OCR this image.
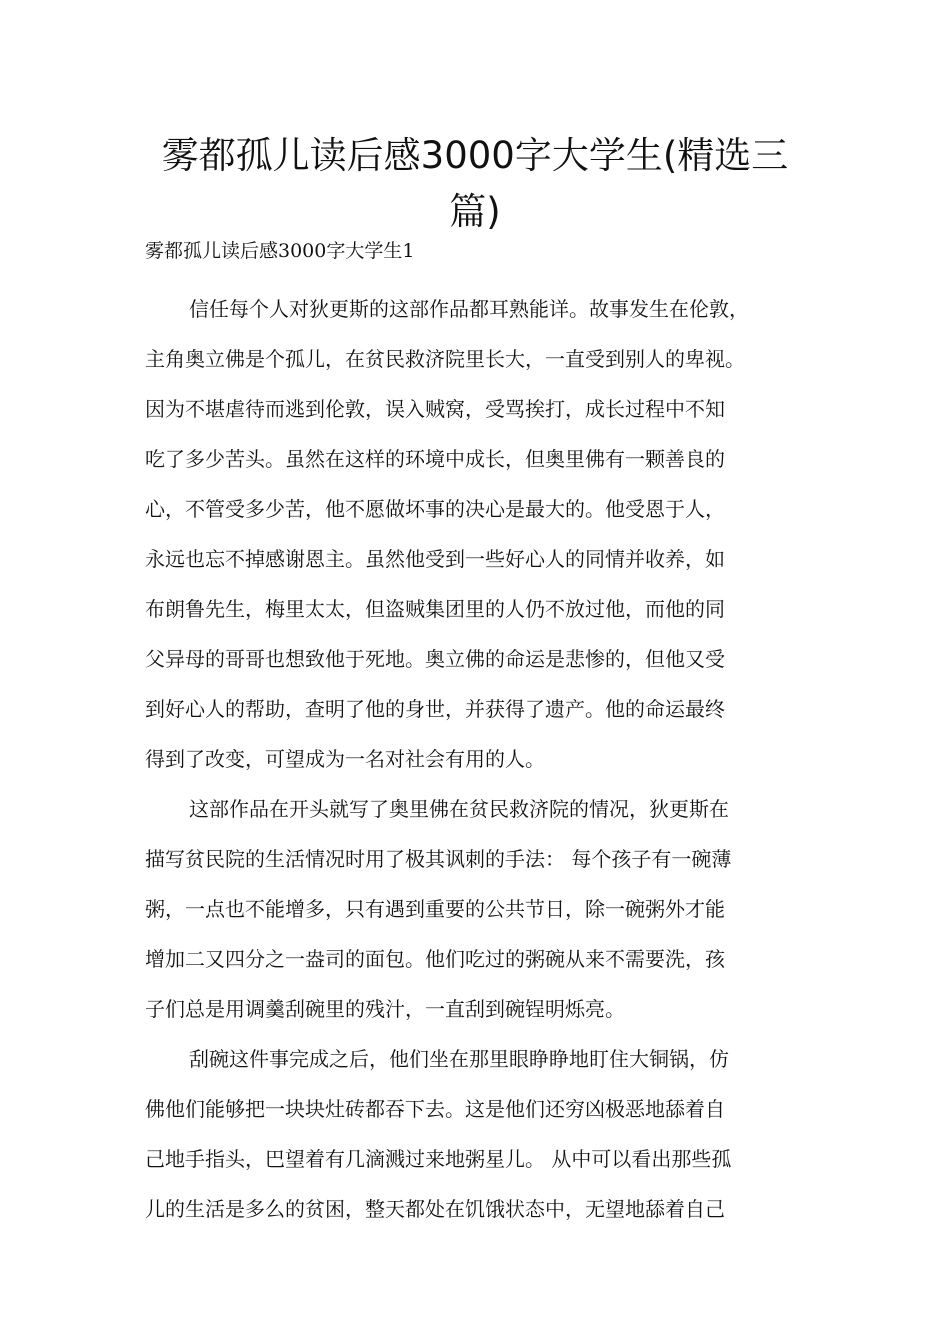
雾都孤儿读后感3000字大学生(精选三
篇)

雾都孤儿读后感3000字大学生1

信任每个人对狄更斯的这部作品都耳熟能详。故事发生在伦敦，
主角奥立佛是个孤儿，在贫民救济院里长大，一直受到别人的卑视。
因为不堪虐待而逃到伦敦，误入贼窝，受骂挨打，成长过程中不知
吃了多少苦头。虽然在这样的环境中成长，但奥里佛有一颗善良的
心，不管受多少苦，他不愿做坏事的决心是最大的。他受恩于人，
永远也忘不掉感谢恩主。虽然他受到一些好心人的同情并收养，如
布朗鲁先生，梅里太太，但盗贼集团里的人仍不放过他，而他的同
父异母的哥哥也想致他于死地。奥立佛的命运是悲惨的，但他又受
到好心人的帮助，查明了他的身世，并获得了遗产。他的命运最终
得到了改变，可望成为一名对社会有用的人。
这部作品在开头就写了奥里佛在贫民救济院的情况，狄更斯在
描写贫民院的生活情况时用了极其讽刺的手法： 每个孩子有一碗薄
粥，一点也不能增多，只有遇到重要的公共节日，除一碗粥外才能
增加二又四分之一盎司的面包。他们吃过的粥碗从来不需要洗，孩
子们总是用调羹刮碗里的残汁，一直刮到碗锃明烁亮。
刮碗这件事完成之后，他们坐在那里眼睁睁地盯住大铜锅，仿
佛他们能够把一块块灶砖都吞下去。这是他们还穷凶极恶地舔着自
己地手指头，巴望着有几滴溅过来地粥星儿。 从中可以看出那些孤
儿的生活是多么的贫困，整天都处在饥饿状态中，无望地舔着自己
